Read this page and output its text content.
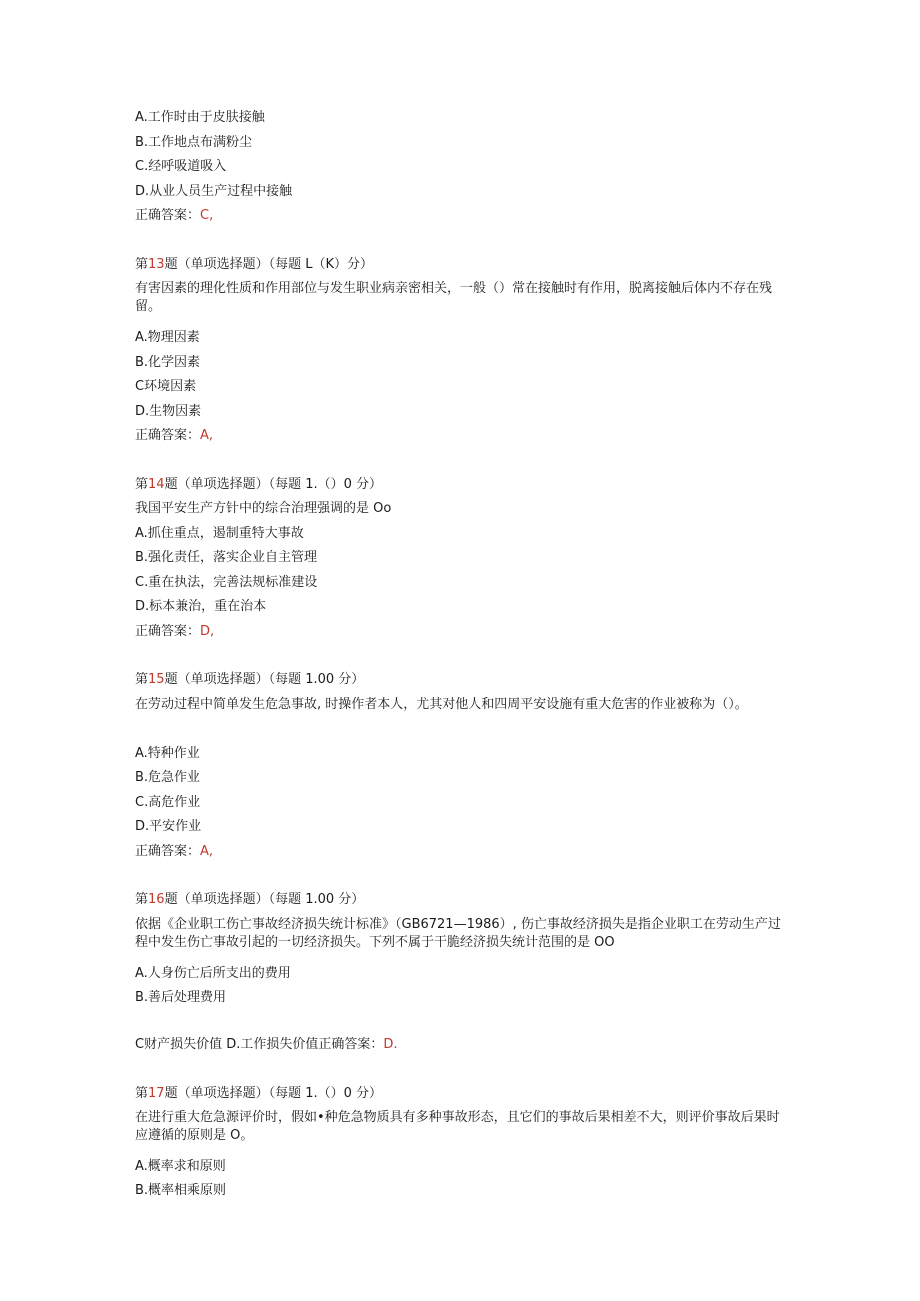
A.工作时由于皮肤接触
B.工作地点布满粉尘
C.经呼吸道吸入
D.从业人员生产过程中接触
正确答案：C,
第13题（单项选择题）（每题 L（K）分）
有害因素的理化性质和作用部位与发生职业病亲密相关，一般（）常在接触时有作用，脱离接触后体内不存在残留。
A.物理因素
B.化学因素
C环境因素
D.生物因素
正确答案：A,
第14题（单项选择题）（每题 1.（）0 分）
我国平安生产方针中的综合治理强调的是 Oo
A.抓住重点，遏制重特大事故
B.强化责任，落实企业自主管理
C.重在执法，完善法规标准建设
D.标本兼治，重在治本
正确答案：D,
第15题（单项选择题）（每题 1.00 分）
在劳动过程中简单发生危急事故, 时操作者本人，尤其对他人和四周平安设施有重大危害的作业被称为（）。
A.特种作业
B.危急作业
C.高危作业
D.平安作业
正确答案：A,
第16题（单项选择题）（每题 1.00 分）
依据《企业职工伤亡事故经济损失统计标准》（GB6721—1986）, 伤亡事故经济损失是指企业职工在劳动生产过程中发生伤亡事故引起的一切经济损失。下列不属于干脆经济损失统计范围的是 OO
A.人身伤亡后所支出的费用
B.善后处理费用
C财产损失价值 D.工作损失价值正确答案：D.
第17题（单项选择题）（每题 1.（）0 分）
在进行重大危急源评价时，假如•种危急物质具有多种事故形态，且它们的事故后果相差不大，则评价事故后果时应遵循的原则是 O。
A.概率求和原则
B.概率相乘原则
